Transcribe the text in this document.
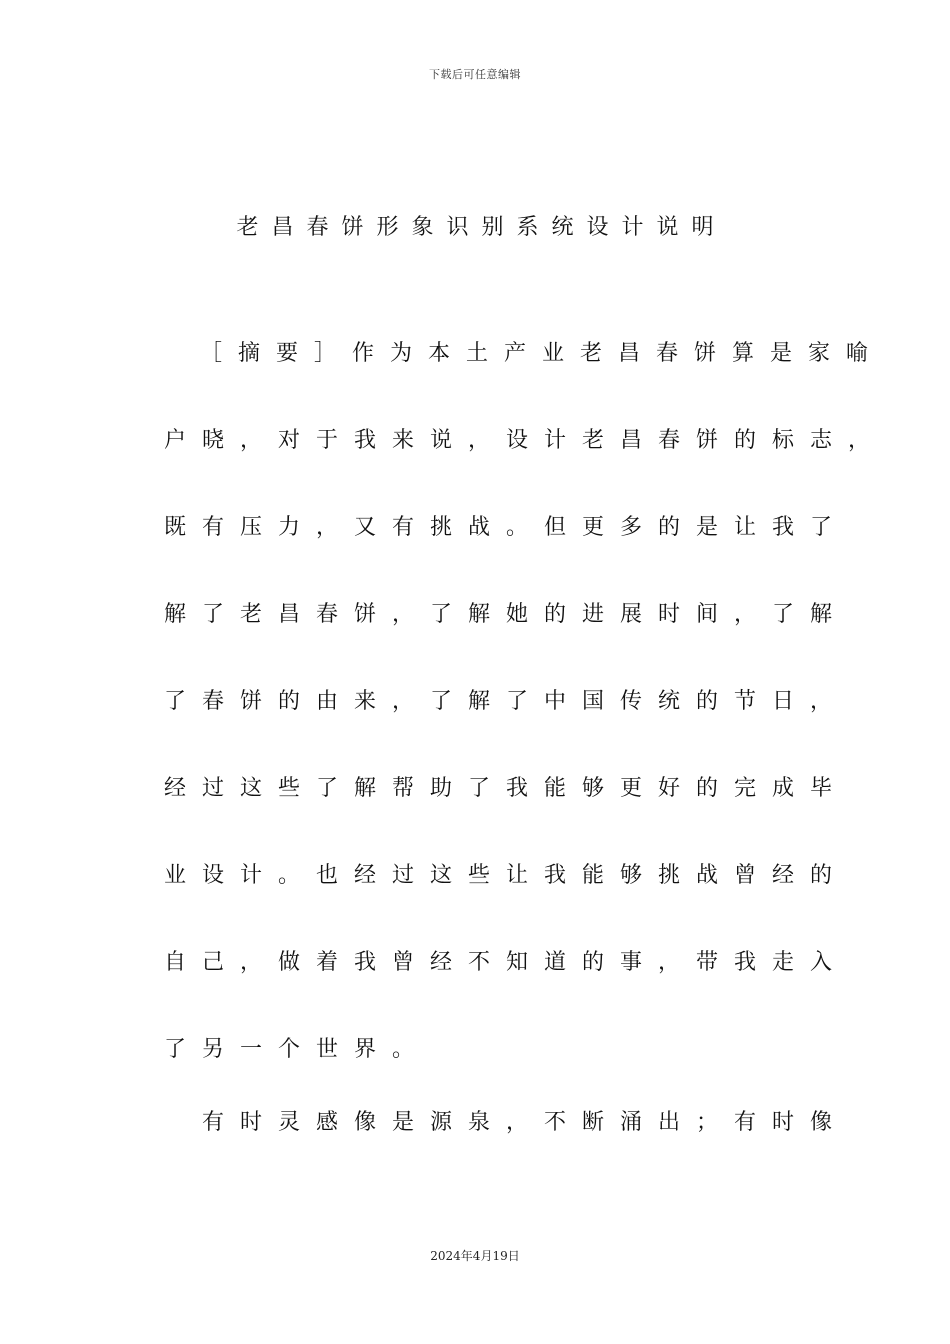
下载后可任意编辑
老昌春饼形象识别系统设计说明
［摘要］作为本土产业老昌春饼算是家喻
户晓，对于我来说，设计老昌春饼的标志，
既有压力，又有挑战。但更多的是让我了
解了老昌春饼，了解她的进展时间，了解
了春饼的由来，了解了中国传统的节日，
经过这些了解帮助了我能够更好的完成毕
业设计。也经过这些让我能够挑战曾经的
自己，做着我曾经不知道的事，带我走入
了另一个世界。
有时灵感像是源泉，不断涌出；有时像
2024年4月19日
